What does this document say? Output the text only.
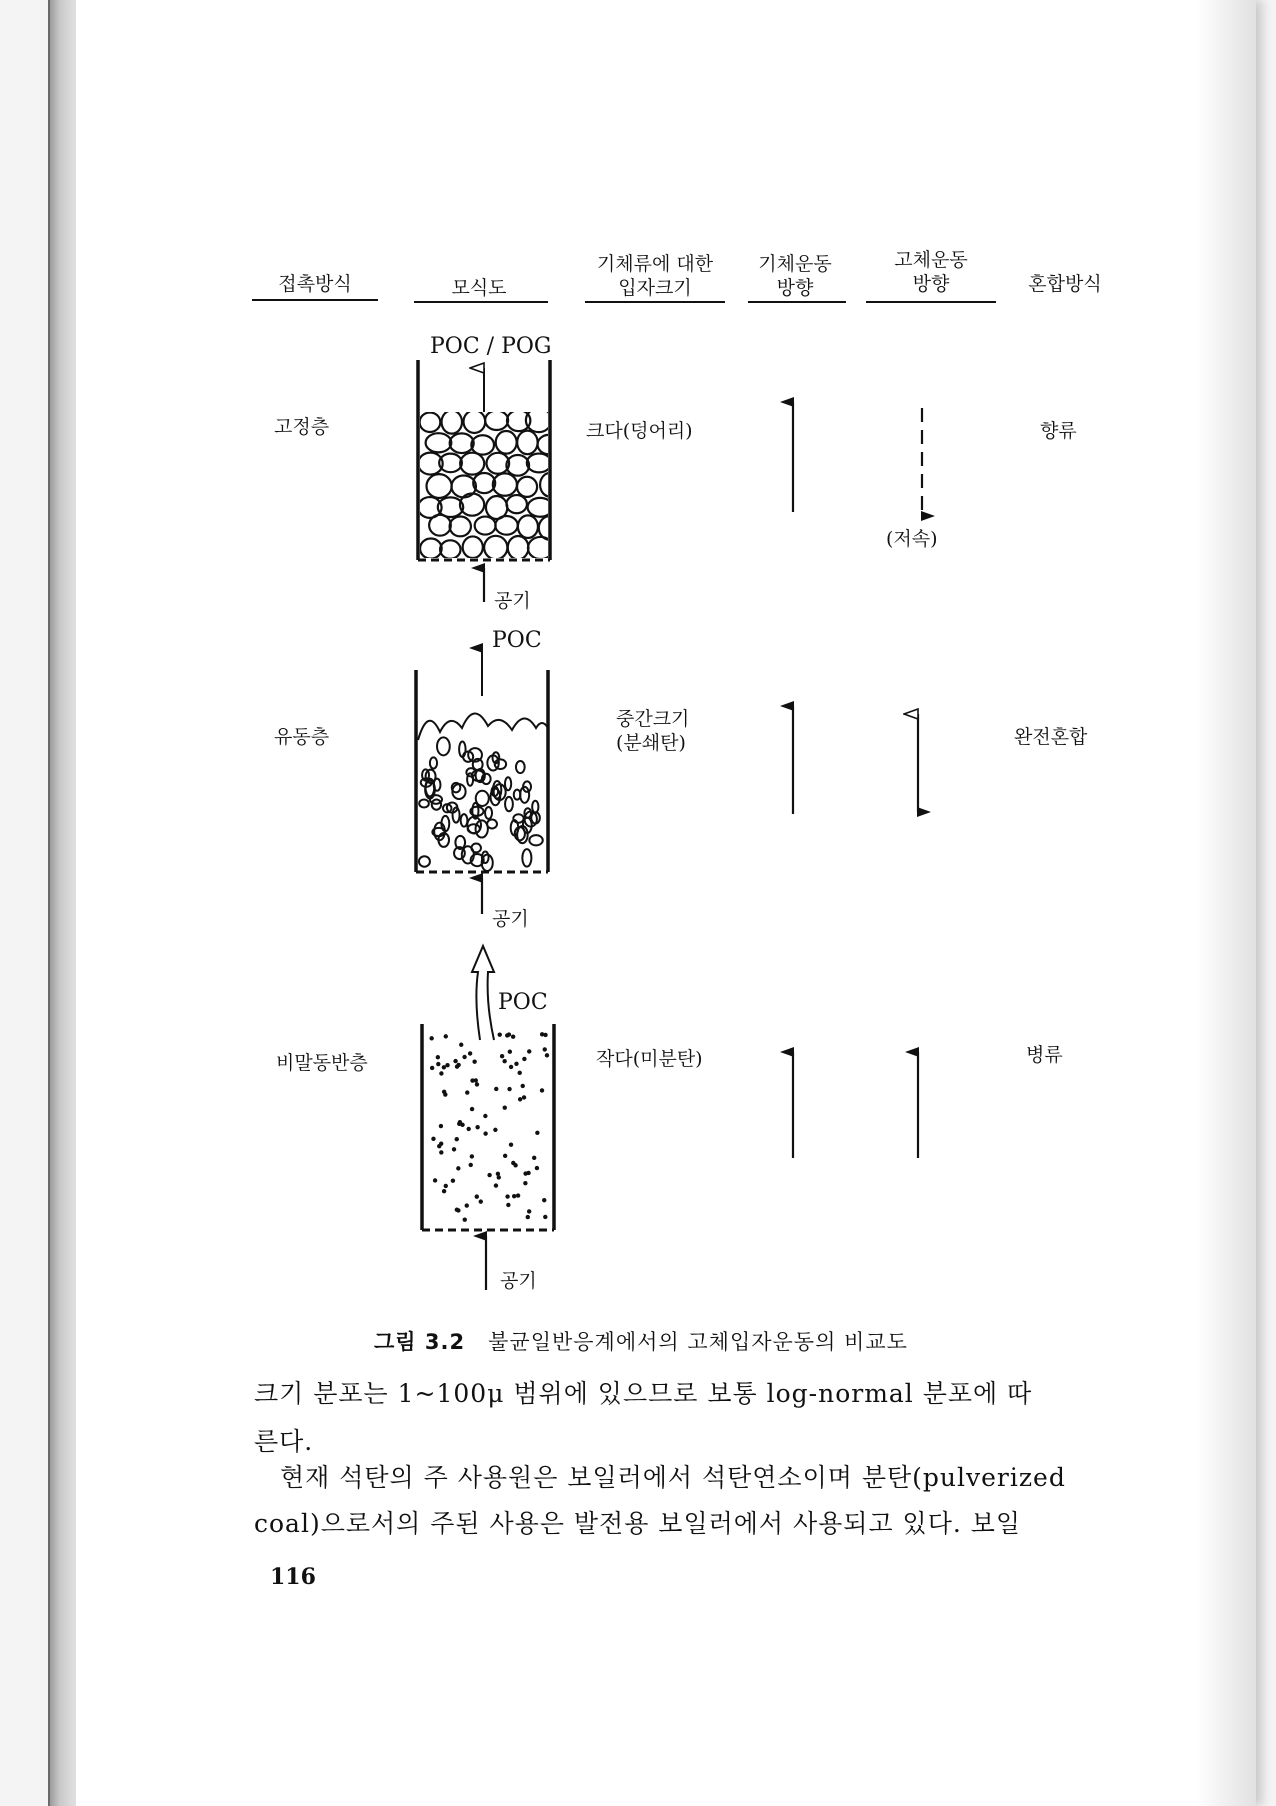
접촉방식	모식도
기체류에 대한
입자크기
기체운동
방향
고체운동
방향	혼합방식
고정층
유동층
비말동반층
크다(덩어리)
중간크기
(분쇄탄)
작다(미분탄)
향류
완전혼합
병류
(저속)
POC / POG
공기
POC
공기
POC
공기
그림 3.2 불균일반응계에서의 고체입자운동의 비교도
크기 분포는 1~100μ 범위에 있으므로 보통 log-normal 분포에 따
른다.
현재 석탄의 주 사용원은 보일러에서 석탄연소이며 분탄(pulverized
coal)으로서의 주된 사용은 발전용 보일러에서 사용되고 있다. 보일
116
